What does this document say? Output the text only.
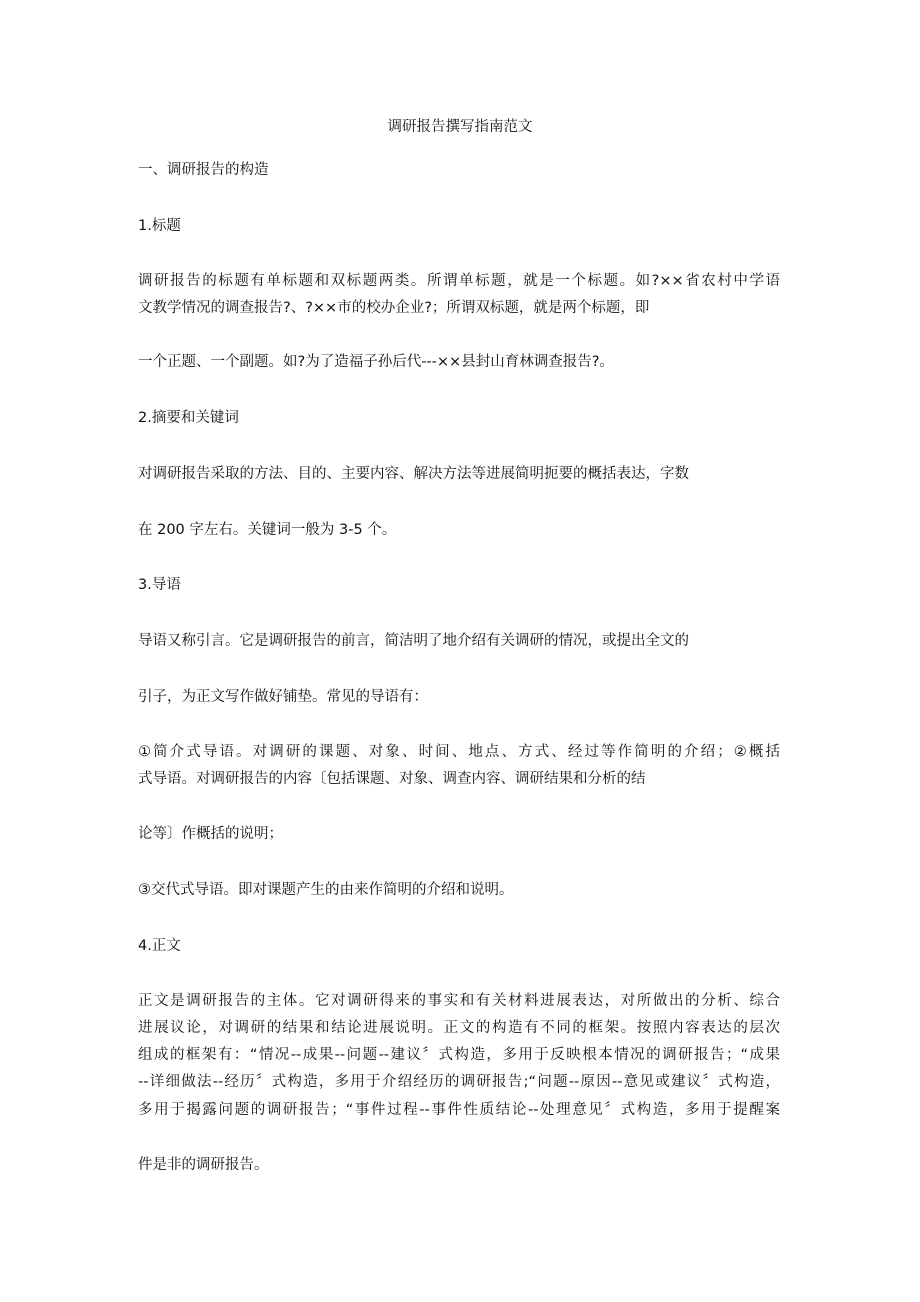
调研报告撰写指南范文
一、调研报告的构造
1.标题
调研报告的标题有单标题和双标题两类。所谓单标题，就是一个标题。如?××省农村中学语
文教学情况的调查报告?、?××市的校办企业?；所谓双标题，就是两个标题，即
一个正题、一个副题。如?为了造福子孙后代---××县封山育林调查报告?。
2.摘要和关键词
对调研报告采取的方法、目的、主要内容、解决方法等进展简明扼要的概括表达，字数
在 200 字左右。关键词一般为 3-5 个。
3.导语
导语又称引言。它是调研报告的前言，简洁明了地介绍有关调研的情况，或提出全文的
引子，为正文写作做好铺垫。常见的导语有：
①简介式导语。对调研的课题、对象、时间、地点、方式、经过等作简明的介绍；②概括
式导语。对调研报告的内容〔包括课题、对象、调查内容、调研结果和分析的结
论等〕作概括的说明；
③交代式导语。即对课题产生的由来作简明的介绍和说明。
4.正文
正文是调研报告的主体。它对调研得来的事实和有关材料进展表达，对所做出的分析、综合
进展议论，对调研的结果和结论进展说明。正文的构造有不同的框架。按照内容表达的层次
组成的框架有：“情况--成果--问题--建议〞式构造，多用于反映根本情况的调研报告；“成果
--详细做法--经历〞式构造，多用于介绍经历的调研报告;“问题--原因--意见或建议〞式构造，
多用于揭露问题的调研报告；“事件过程--事件性质结论--处理意见〞式构造，多用于提醒案
件是非的调研报告。
